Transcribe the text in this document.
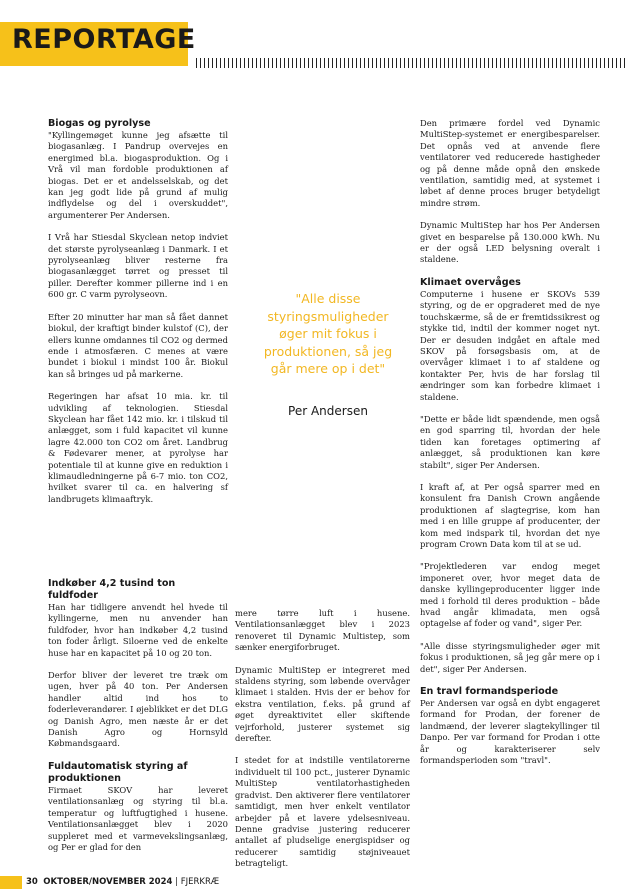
REPORTAGE
Biogas og pyrolyse

"Kyllingemøget kunne jeg afsætte til biogasanlæg. I Pandrup overvejes en energimed bl.a. biogasproduktion. Og i Vrå vil man fordoble produktionen af biogas. Det er et andelsselskab, og det kan jeg godt lide på grund af mulig indflydelse og del i overskuddet", argumenterer Per Andersen.

I Vrå har Stiesdal Skyclean netop indviet det største pyrolyseanlæg i Danmark. I et pyrolyseanlæg bliver resterne fra biogasanlægget tørret og presset til piller. Derefter kommer pillerne ind i en 600 gr. C varm pyrolyseovn.

Efter 20 minutter har man så fået dannet biokul, der kraftigt binder kulstof (C), der ellers kunne omdannes til CO2 og dermed ende i atmosfæren. C menes at være bundet i biokul i mindst 100 år. Biokul kan så bringes ud på markerne.

Regeringen har afsat 10 mia. kr. til udvikling af teknologien. Stiesdal Skyclean har fået 142 mio. kr. i tilskud til anlægget, som i fuld kapacitet vil kunne lagre 42.000 ton CO2 om året. Landbrug & Fødevarer mener, at pyrolyse har potentiale til at kunne give en reduktion i klimaudledningerne på 6-7 mio. ton CO2, hvilket svarer til ca. en halvering sf landbrugets klimaaftryk.

Indkøber 4,2 tusind ton fuldfoder

Han har tidligere anvendt hel hvede til kyllingerne, men nu anvender han fuldfoder, hvor han indkøber 4,2 tusind ton foder årligt. Siloerne ved de enkelte huse har en kapacitet på 10 og 20 ton.

Derfor bliver der leveret tre træk om ugen, hver på 40 ton. Per Andersen handler altid ind hos to foderleverandører. I øjeblikket er det DLG og Danish Agro, men næste år er det Danish Agro og Hornsyld Købmandsgaard.

Fuldautomatisk styring af produktionen

Firmaet SKOV har leveret ventilationsanlæg og styring til bl.a. temperatur og luftfugtighed i husene. Ventilationsanlægget blev i 2020 suppleret med et varmevekslingsanlæg, og Per er glad for den

"Alle disse styringsmuligheder øger mit fokus i produktionen, så jeg går mere op i det"
Per Andersen

mere tørre luft i husene. Ventilationsanlægget blev i 2023 renoveret til Dynamic Multistep, som sænker energiforbruget.

Dynamic MultiStep er integreret med staldens styring, som løbende overvåger klimaet i stalden. Hvis der er behov for ekstra ventilation, f.eks. på grund af øget dyreaktivitet eller skiftende vejrforhold, justerer systemet sig derefter.

I stedet for at indstille ventilatorerne individuelt til 100 pct., justerer Dynamic MultiStep ventilatorhastigheden gradvist. Den aktiverer flere ventilatorer samtidigt, men hver enkelt ventilator arbejder på et lavere ydelsesniveau. Denne gradvise justering reducerer antallet af pludselige energispidser og reducerer samtidig støjniveauet betragteligt.

Den primære fordel ved Dynamic MultiStep-systemet er energibesparelser. Det opnås ved at anvende flere ventilatorer ved reducerede hastigheder og på denne måde opnå den ønskede ventilation, samtidig med, at systemet i løbet af denne proces bruger betydeligt mindre strøm.

Dynamic MultiStep har hos Per Andersen givet en besparelse på 130.000 kWh. Nu er der også LED belysning overalt i staldene.

Klimaet overvåges

Computerne i husene er SKOVs 539 styring, og de er opgraderet med de nye touchskærme, så de er fremtidssikrest og stykke tid, indtil der kommer noget nyt. Der er desuden indgået en aftale med SKOV på forsøgsbasis om, at de overvåger klimaet i to af staldene og kontakter Per, hvis de har forslag til ændringer som kan forbedre klimaet i staldene.

"Dette er både lidt spændende, men også en god sparring til, hvordan der hele tiden kan foretages optimering af anlægget, så produktionen kan køre stabilt", siger Per Andersen.

I kraft af, at Per også sparrer med en konsulent fra Danish Crown angående produktionen af slagtegrise, kom han med i en lille gruppe af producenter, der kom med indspark til, hvordan det nye program Crown Data kom til at se ud.

"Projektlederen var endog meget imponeret over, hvor meget data de danske kyllingeproducenter ligger inde med i forhold til deres produktion – både hvad angår klimadata, men også optagelse af foder og vand", siger Per.

"Alle disse styringsmuligheder øger mit fokus i produktionen, så jeg går mere op i det", siger Per Andersen.

En travl formandsperiode

Per Andersen var også en dybt engageret formand for Prodan, der forener de landmænd, der leverer slagtekyllinger til Danpo. Per var formand for Prodan i otte år og karakteriserer selv formandsperioden som "travl".

30 OKTOBER/NOVEMBER 2024 | FJERKRÆ
